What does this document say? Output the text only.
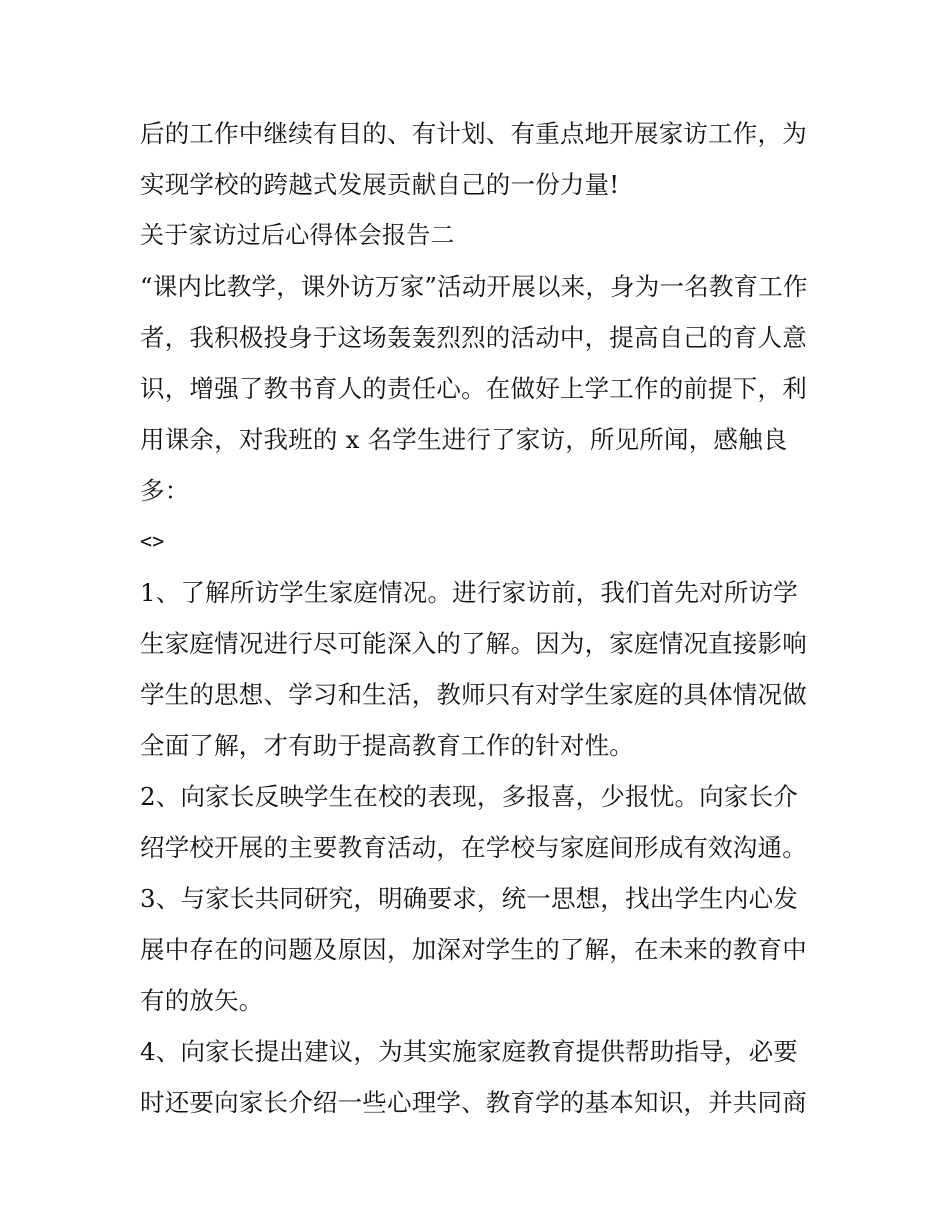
后的工作中继续有目的、有计划、有重点地开展家访工作，为
实现学校的跨越式发展贡献自己的一份力量!
关于家访过后心得体会报告二
“课内比教学，课外访万家”活动开展以来，身为一名教育工作
者，我积极投身于这场轰轰烈烈的活动中，提高自己的育人意
识，增强了教书育人的责任心。在做好上学工作的前提下，利
用课余，对我班的 x 名学生进行了家访，所见所闻，感触良
多：
<>
1、了解所访学生家庭情况。进行家访前，我们首先对所访学
生家庭情况进行尽可能深入的了解。因为，家庭情况直接影响
学生的思想、学习和生活，教师只有对学生家庭的具体情况做
全面了解，才有助于提高教育工作的针对性。
2、向家长反映学生在校的表现，多报喜，少报忧。向家长介
绍学校开展的主要教育活动，在学校与家庭间形成有效沟通。
3、与家长共同研究，明确要求，统一思想，找出学生内心发
展中存在的问题及原因，加深对学生的了解，在未来的教育中
有的放矢。
4、向家长提出建议，为其实施家庭教育提供帮助指导，必要
时还要向家长介绍一些心理学、教育学的基本知识，并共同商
